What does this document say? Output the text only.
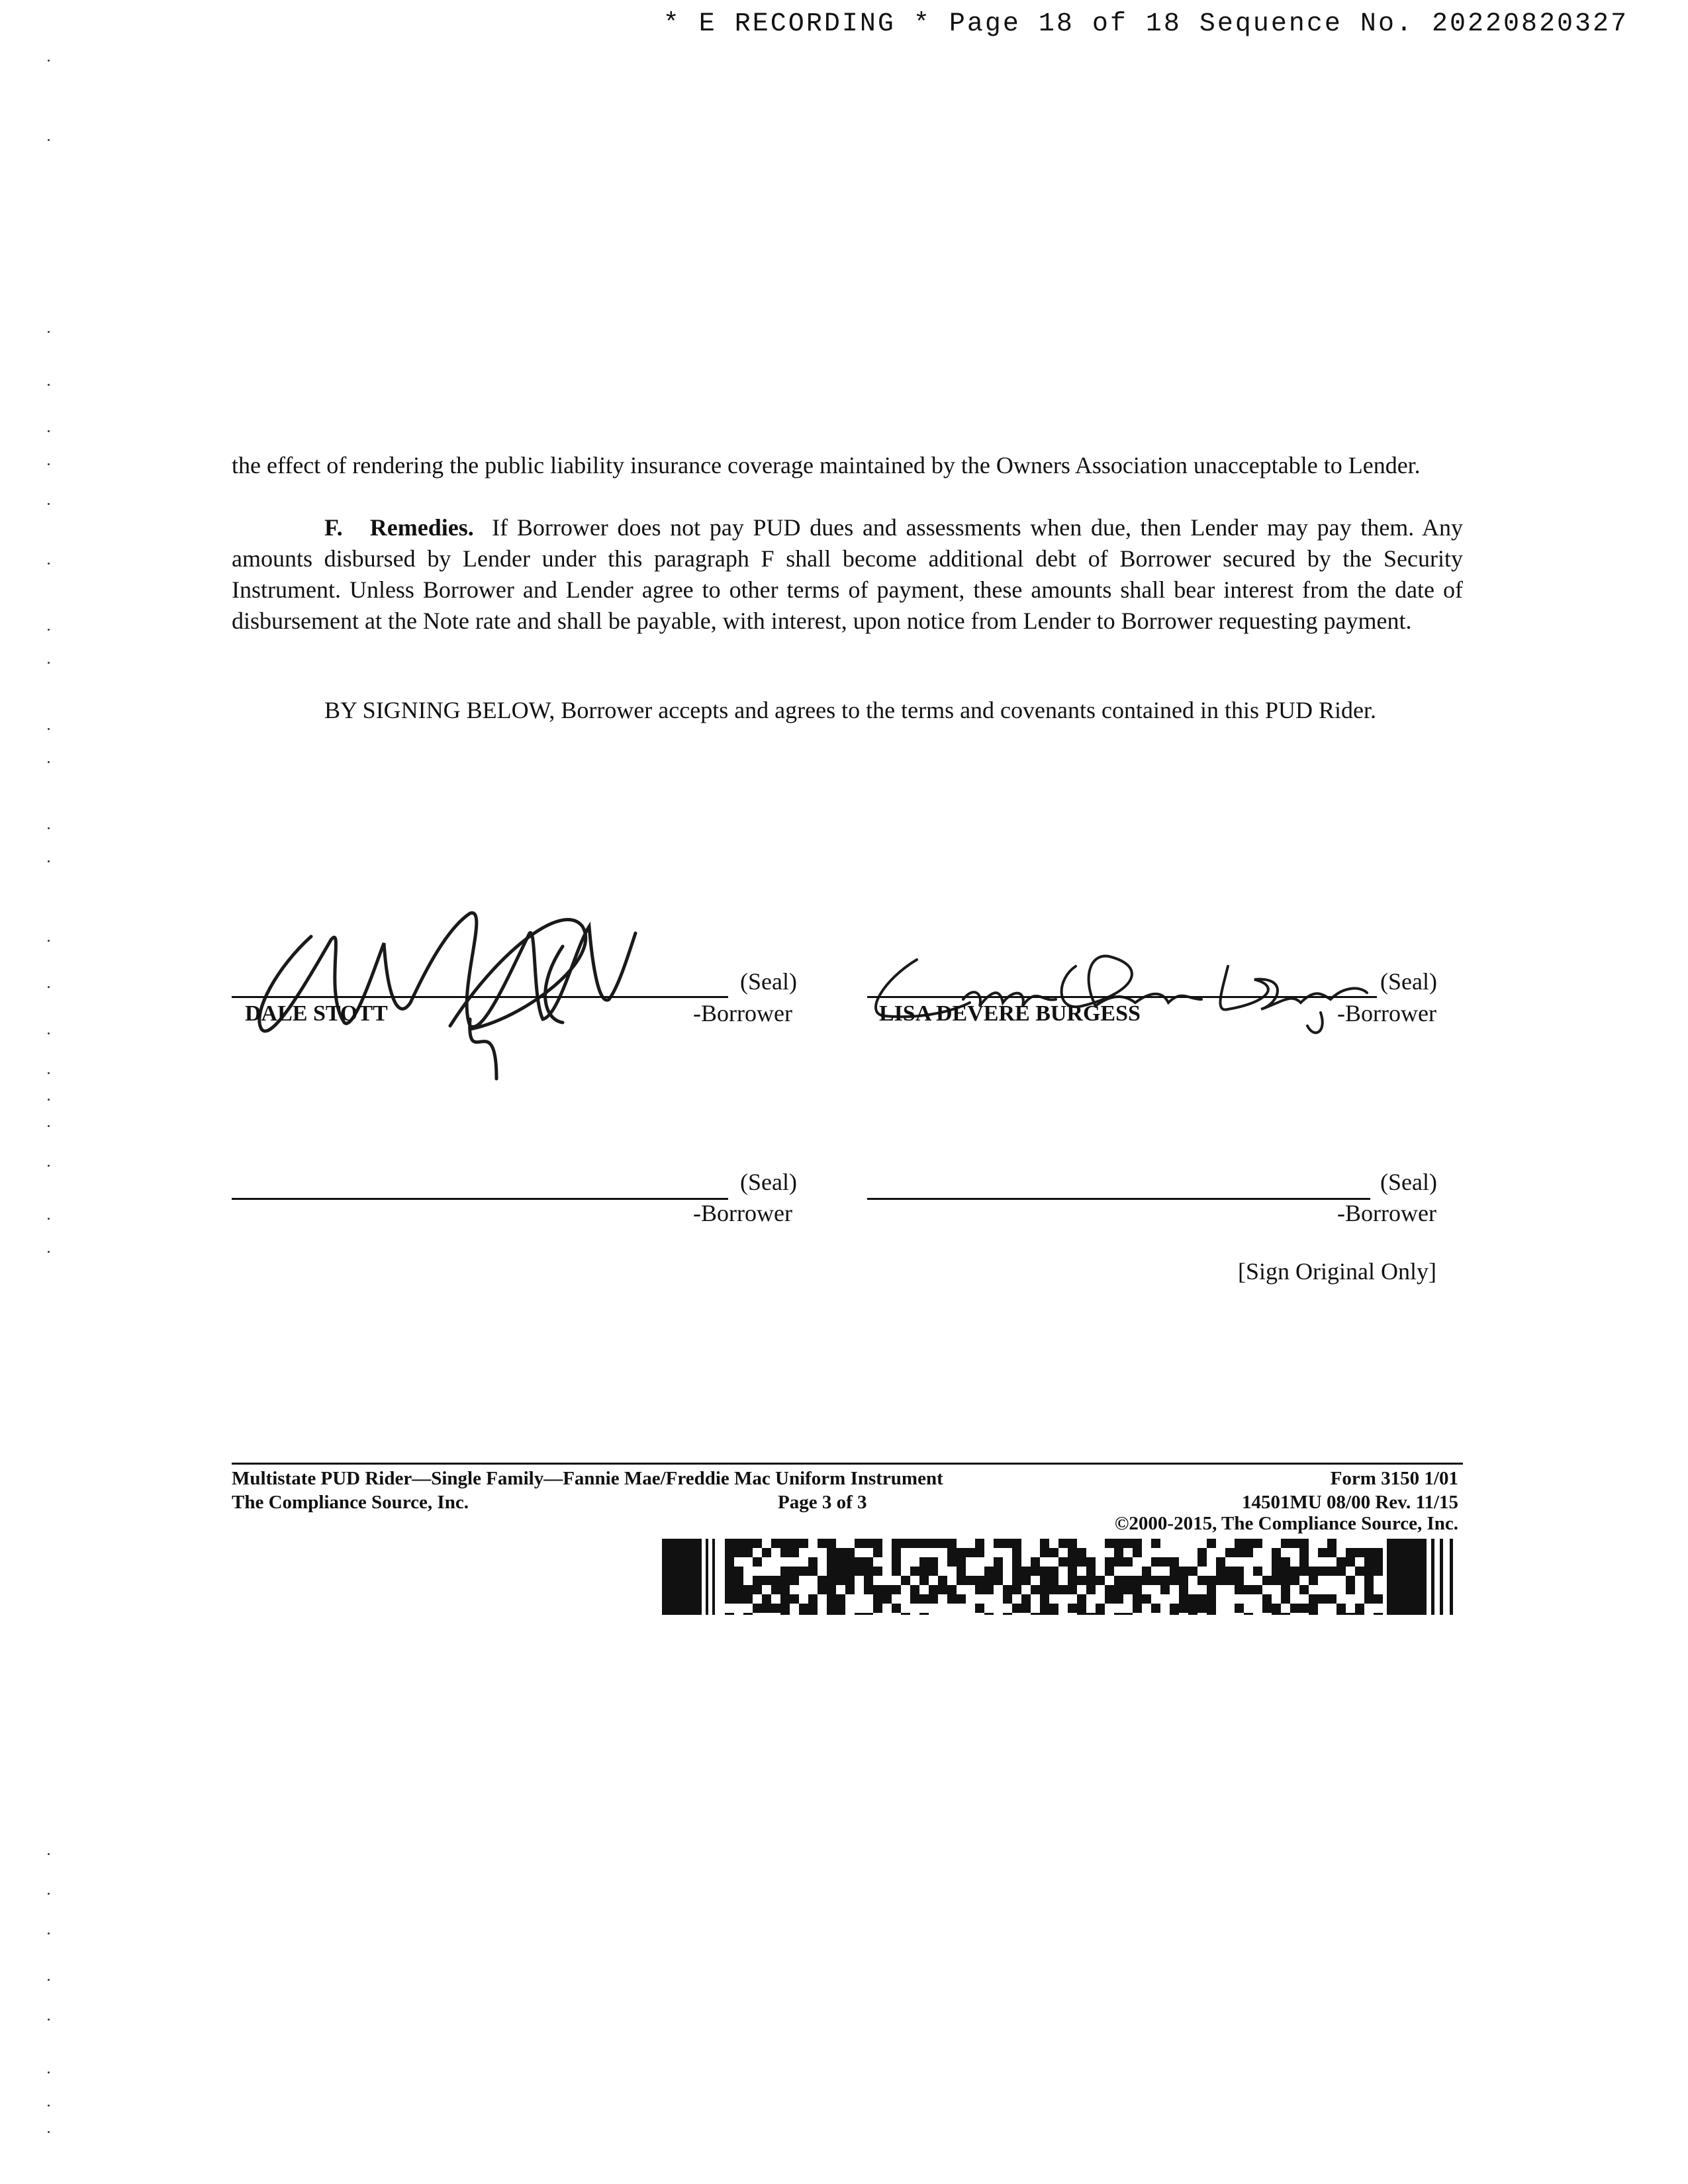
* E RECORDING * Page 18 of 18 Sequence No. 20220820327
the effect of rendering the public liability insurance coverage maintained by the Owners Association unacceptable to Lender.
F. Remedies. If Borrower does not pay PUD dues and assessments when due, then Lender may pay them. Any amounts disbursed by Lender under this paragraph F shall become additional debt of Borrower secured by the Security Instrument. Unless Borrower and Lender agree to other terms of payment, these amounts shall bear interest from the date of disbursement at the Note rate and shall be payable, with interest, upon notice from Lender to Borrower requesting payment.
BY SIGNING BELOW, Borrower accepts and agrees to the terms and covenants contained in this PUD Rider.
DALE STOTT
(Seal)
-Borrower	LISA DEVERE BURGESS
(Seal)
-Borrower
(Seal)
-Borrower
(Seal)
-Borrower
[Sign Original Only]
Multistate PUD Rider—Single Family—Fannie Mae/Freddie Mac Uniform Instrument	Form 3150 1/01
The Compliance Source, Inc.	Page 3 of 3	14501MU 08/00 Rev. 11/15
©2000-2015, The Compliance Source, Inc.
